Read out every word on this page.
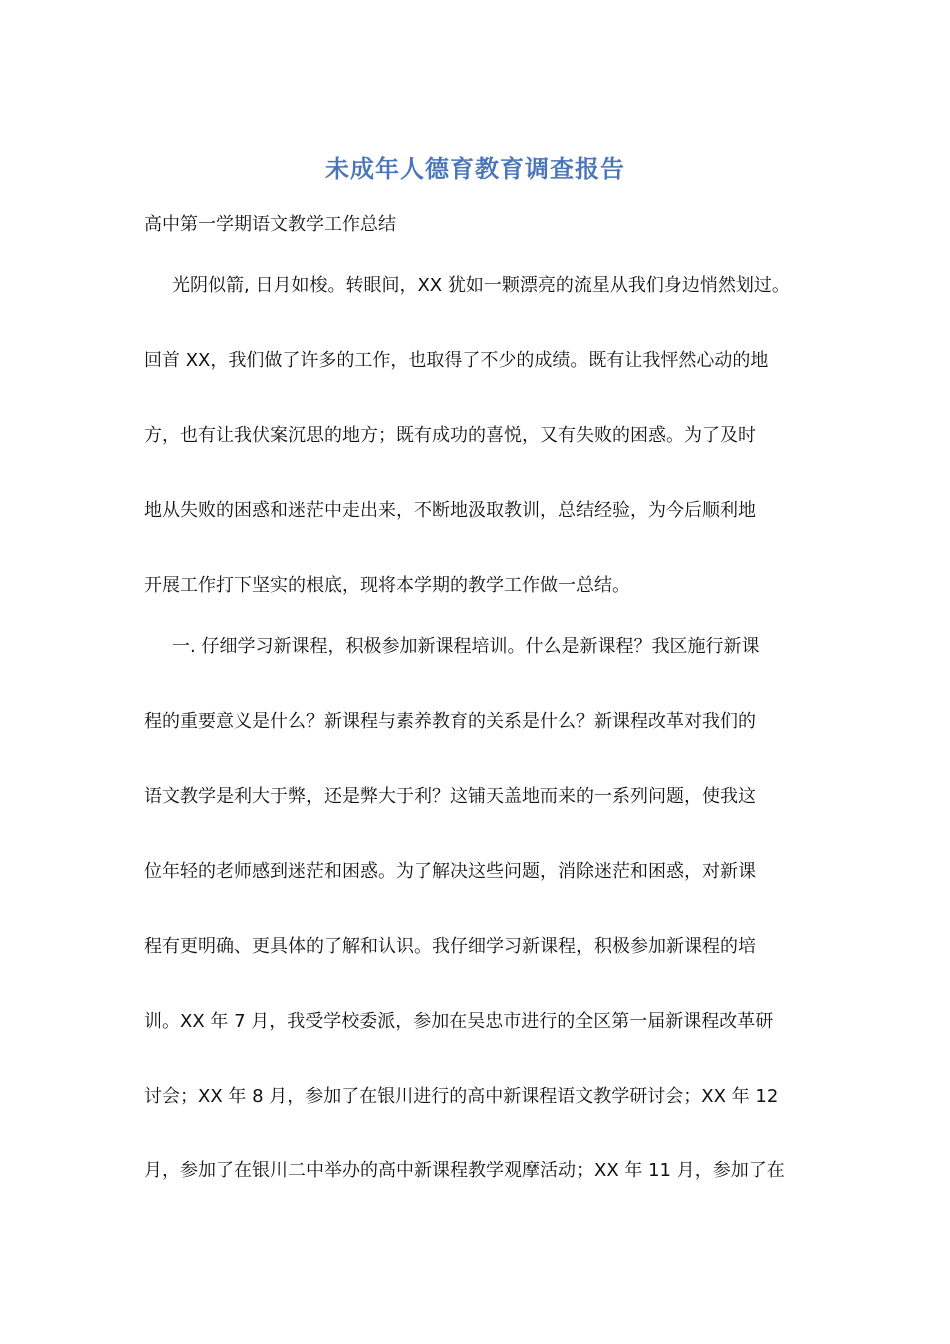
未成年人德育教育调查报告

高中第一学期语文教学工作总结

光阴似箭, 日月如梭。转眼间，XX 犹如一颗漂亮的流星从我们身边悄然划过。

回首 XX，我们做了许多的工作，也取得了不少的成绩。既有让我怦然心动的地

方，也有让我伏案沉思的地方；既有成功的喜悦，又有失败的困惑。为了及时

地从失败的困惑和迷茫中走出来，不断地汲取教训，总结经验，为今后顺利地

开展工作打下坚实的根底，现将本学期的教学工作做一总结。

一. 仔细学习新课程，积极参加新课程培训。什么是新课程？我区施行新课

程的重要意义是什么？新课程与素养教育的关系是什么？新课程改革对我们的

语文教学是利大于弊，还是弊大于利？这铺天盖地而来的一系列问题，使我这

位年轻的老师感到迷茫和困惑。为了解决这些问题，消除迷茫和困惑，对新课

程有更明确、更具体的了解和认识。我仔细学习新课程，积极参加新课程的培

训。XX 年 7 月，我受学校委派，参加在吴忠市进行的全区第一届新课程改革研

讨会；XX 年 8 月，参加了在银川进行的高中新课程语文教学研讨会；XX 年 12

月，参加了在银川二中举办的高中新课程教学观摩活动；XX 年 11 月，参加了在
